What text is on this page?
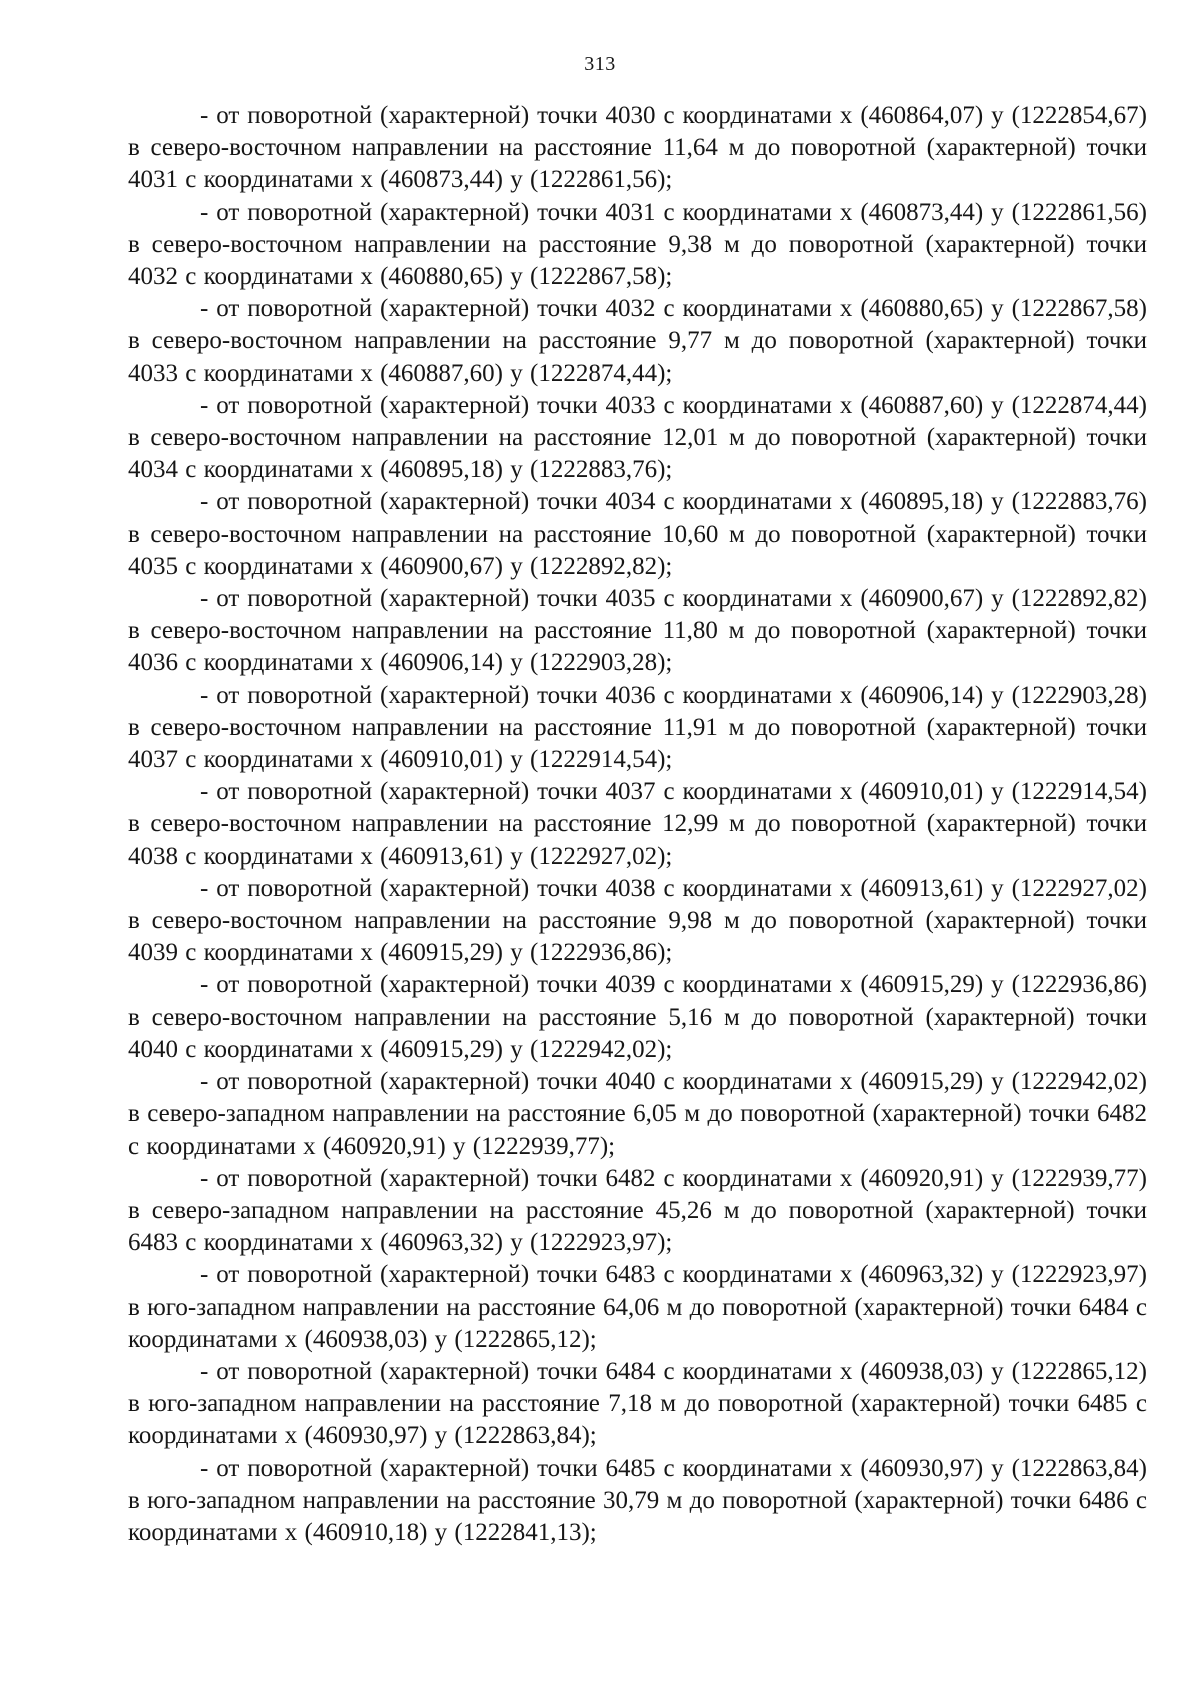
313

- от поворотной (характерной) точки 4030 с координатами x (460864,07) y (1222854,67) в северо-восточном направлении на расстояние 11,64 м до поворотной (характерной) точки 4031 с координатами x (460873,44) y (1222861,56);

- от поворотной (характерной) точки 4031 с координатами x (460873,44) y (1222861,56) в северо-восточном направлении на расстояние 9,38 м до поворотной (характерной) точки 4032 с координатами x (460880,65) y (1222867,58);

- от поворотной (характерной) точки 4032 с координатами x (460880,65) y (1222867,58) в северо-восточном направлении на расстояние 9,77 м до поворотной (характерной) точки 4033 с координатами x (460887,60) y (1222874,44);

- от поворотной (характерной) точки 4033 с координатами x (460887,60) y (1222874,44) в северо-восточном направлении на расстояние 12,01 м до поворотной (характерной) точки 4034 с координатами x (460895,18) y (1222883,76);

- от поворотной (характерной) точки 4034 с координатами x (460895,18) y (1222883,76) в северо-восточном направлении на расстояние 10,60 м до поворотной (характерной) точки 4035 с координатами x (460900,67) y (1222892,82);

- от поворотной (характерной) точки 4035 с координатами x (460900,67) y (1222892,82) в северо-восточном направлении на расстояние 11,80 м до поворотной (характерной) точки 4036 с координатами x (460906,14) y (1222903,28);

- от поворотной (характерной) точки 4036 с координатами x (460906,14) y (1222903,28) в северо-восточном направлении на расстояние 11,91 м до поворотной (характерной) точки 4037 с координатами x (460910,01) y (1222914,54);

- от поворотной (характерной) точки 4037 с координатами x (460910,01) y (1222914,54) в северо-восточном направлении на расстояние 12,99 м до поворотной (характерной) точки 4038 с координатами x (460913,61) y (1222927,02);

- от поворотной (характерной) точки 4038 с координатами x (460913,61) y (1222927,02) в северо-восточном направлении на расстояние 9,98 м до поворотной (характерной) точки 4039 с координатами x (460915,29) y (1222936,86);

- от поворотной (характерной) точки 4039 с координатами x (460915,29) y (1222936,86) в северо-восточном направлении на расстояние 5,16 м до поворотной (характерной) точки 4040 с координатами x (460915,29) y (1222942,02);

- от поворотной (характерной) точки 4040 с координатами x (460915,29) y (1222942,02) в северо-западном направлении на расстояние 6,05 м до поворотной (характерной) точки 6482 с координатами x (460920,91) y (1222939,77);

- от поворотной (характерной) точки 6482 с координатами x (460920,91) y (1222939,77) в северо-западном направлении на расстояние 45,26 м до поворотной (характерной) точки 6483 с координатами x (460963,32) y (1222923,97);

- от поворотной (характерной) точки 6483 с координатами x (460963,32) y (1222923,97) в юго-западном направлении на расстояние 64,06 м до поворотной (характерной) точки 6484 с координатами x (460938,03) y (1222865,12);

- от поворотной (характерной) точки 6484 с координатами x (460938,03) y (1222865,12) в юго-западном направлении на расстояние 7,18 м до поворотной (характерной) точки 6485 с координатами x (460930,97) y (1222863,84);

- от поворотной (характерной) точки 6485 с координатами x (460930,97) y (1222863,84) в юго-западном направлении на расстояние 30,79 м до поворотной (характерной) точки 6486 с координатами x (460910,18) y (1222841,13);
